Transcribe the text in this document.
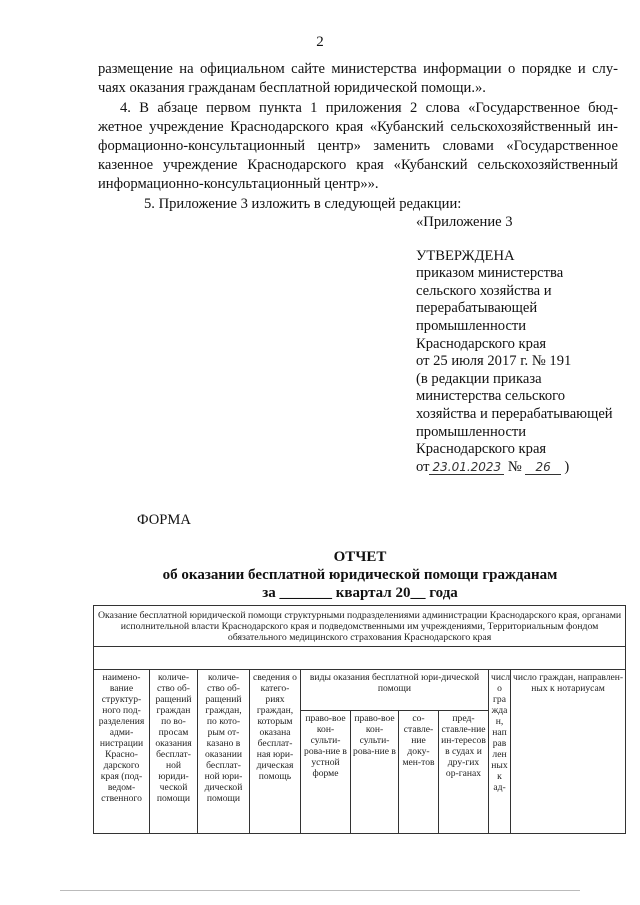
2
размещение на официальном сайте министерства информации о порядке и слу-
чаях оказания гражданам бесплатной юридической помощи.».
4. В абзаце первом пункта 1 приложения 2 слова «Государственное бюд-
жетное учреждение Краснодарского края «Кубанский сельскохозяйственный ин-
формационно-консультационный центр» заменить словами «Государственное
казенное учреждение Краснодарского края «Кубанский сельскохозяйственный
информационно-консультационный центр»».
5. Приложение 3 изложить в следующей редакции:
«Приложение 3
УТВЕРЖДЕНА
приказом министерства
сельского хозяйства и
перерабатывающей
промышленности
Краснодарского края
от 25 июля 2017 г. № 191
(в редакции приказа
министерства сельского
хозяйства и перерабатывающей
промышленности
Краснодарского края
от 23.01.2023 № 26 )
ФОРМА
ОТЧЕТ
об оказании бесплатной юридической помощи гражданам
за _______ квартал 20__ года
Оказание бесплатной юридической помощи структурными подразделениями администрации Краснодарского края, органами исполнительной власти Краснодарского края и подведомственными им учреждениями, Территориальным фондом обязательного медицинского страхования Краснодарского края									

наимено-вание структур-ного под-разделения адми-нистрации Красно-дарского края (под-ведом-ственного	количе-ство об-ращений граждан по во-просам оказания бесплат-ной юриди-ческой помощи	количе-ство об-ращений граждан, по кото-рым от-казано в оказании бесплат-ной юри-дической помощи	сведения о катего-риях граждан, которым оказана бесплат-ная юри-дическая помощь	виды оказания бесплатной юри-дической помощи				числ о гра жда н, нап рав лен ных к ад-	число граждан, направлен-ных к нотариусам
				право-вое кон-сульти-рова-ние в устной форме	право-вое кон-сульти-рова-ние в	со-ставле-ние доку-мен-тов	пред-ставле-ние ин-тересов в судах и дру-гих ор-ганах		
